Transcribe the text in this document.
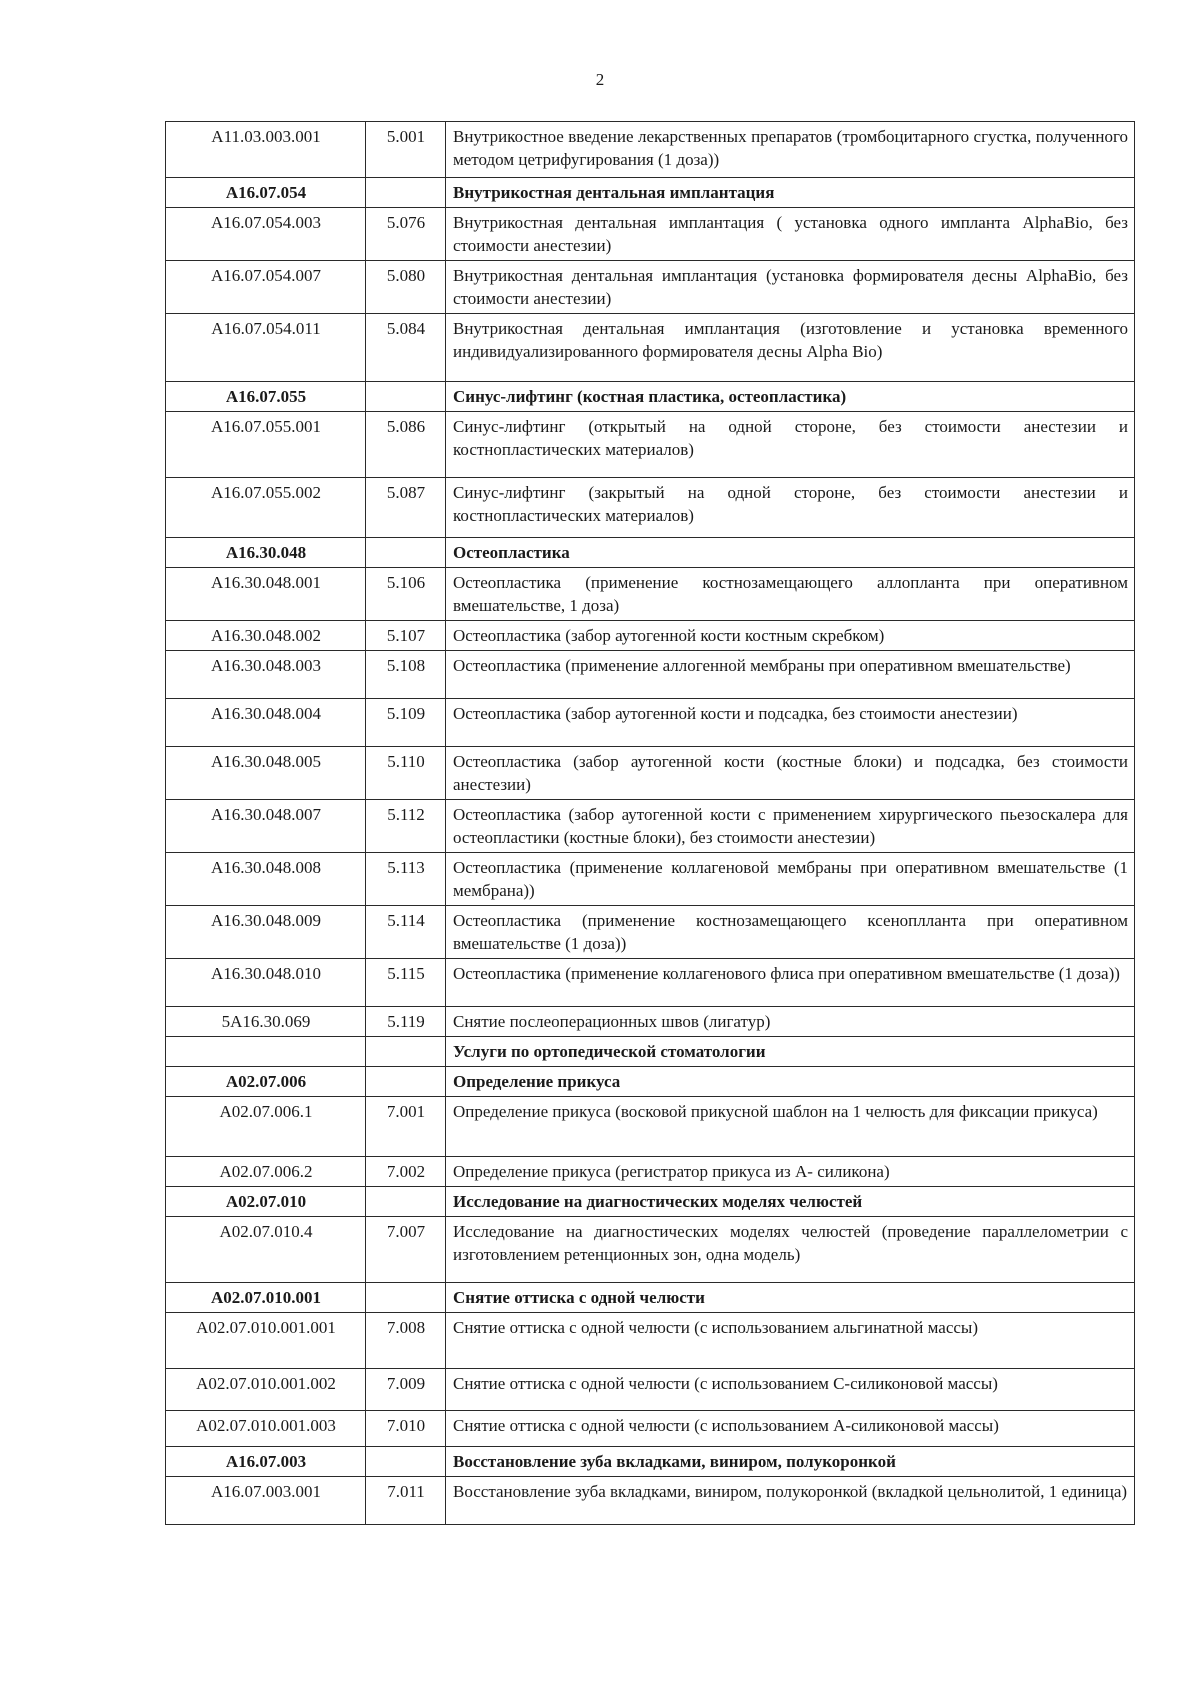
2
A11.03.003.001	5.001	Внутрикостное введение лекарственных препаратов (тромбоцитарного сгустка, полученного методом цетрифугирования (1 доза))
A16.07.054		Внутрикостная дентальная имплантация
A16.07.054.003	5.076	Внутрикостная дентальная имплантация ( установка одного импланта AlphaBio, без стоимости анестезии)
A16.07.054.007	5.080	Внутрикостная дентальная имплантация (установка формирователя десны AlphaBio, без стоимости анестезии)
A16.07.054.011	5.084	Внутрикостная дентальная имплантация (изготовление и установка временного индивидуализированного формирователя десны Alpha Bio)
A16.07.055		Синус-лифтинг (костная пластика, остеопластика)
A16.07.055.001	5.086	Синус-лифтинг (открытый на одной стороне, без стоимости анестезии и костнопластических материалов)
A16.07.055.002	5.087	Синус-лифтинг (закрытый на одной стороне, без стоимости анестезии и костнопластических материалов)
A16.30.048		Остеопластика
A16.30.048.001	5.106	Остеопластика (применение костнозамещающего аллопланта при оперативном вмешательстве, 1 доза)
A16.30.048.002	5.107	Остеопластика (забор аутогенной кости костным скребком)
A16.30.048.003	5.108	Остеопластика (применение аллогенной мембраны при оперативном вмешательстве)
A16.30.048.004	5.109	Остеопластика (забор аутогенной кости и подсадка, без стоимости анестезии)
A16.30.048.005	5.110	Остеопластика (забор аутогенной кости (костные блоки) и подсадка, без стоимости анестезии)
A16.30.048.007	5.112	Остеопластика (забор аутогенной кости с применением хирургического пьезоскалера для остеопластики (костные блоки), без стоимости анестезии)
A16.30.048.008	5.113	Остеопластика (применение коллагеновой мембраны при оперативном вмешательстве (1 мембрана))
A16.30.048.009	5.114	Остеопластика (применение костнозамещающего ксеноплланта при оперативном вмешательстве (1 доза))
A16.30.048.010	5.115	Остеопластика (применение коллагенового флиса при оперативном вмешательстве (1 доза))
5A16.30.069	5.119	Снятие послеоперационных швов (лигатур)
		Услуги по ортопедической стоматологии
A02.07.006		Определение прикуса
A02.07.006.1	7.001	Определение прикуса (восковой прикусной шаблон на 1 челюсть для фиксации прикуса)
A02.07.006.2	7.002	Определение прикуса (регистратор прикуса из А- силикона)
A02.07.010		Исследование на диагностических моделях челюстей
A02.07.010.4	7.007	Исследование на диагностических моделях челюстей (проведение параллелометрии с изготовлением ретенционных зон, одна модель)
A02.07.010.001		Снятие оттиска с одной челюсти
A02.07.010.001.001	7.008	Снятие оттиска с одной челюсти (с использованием альгинатной массы)
A02.07.010.001.002	7.009	Снятие оттиска с одной челюсти (с использованием С-силиконовой массы)
A02.07.010.001.003	7.010	Снятие оттиска с одной челюсти (с использованием А-силиконовой массы)
A16.07.003		Восстановление зуба вкладками, виниром, полукоронкой
A16.07.003.001	7.011	Восстановление зуба вкладками, виниром, полукоронкой (вкладкой цельнолитой, 1 единица)
